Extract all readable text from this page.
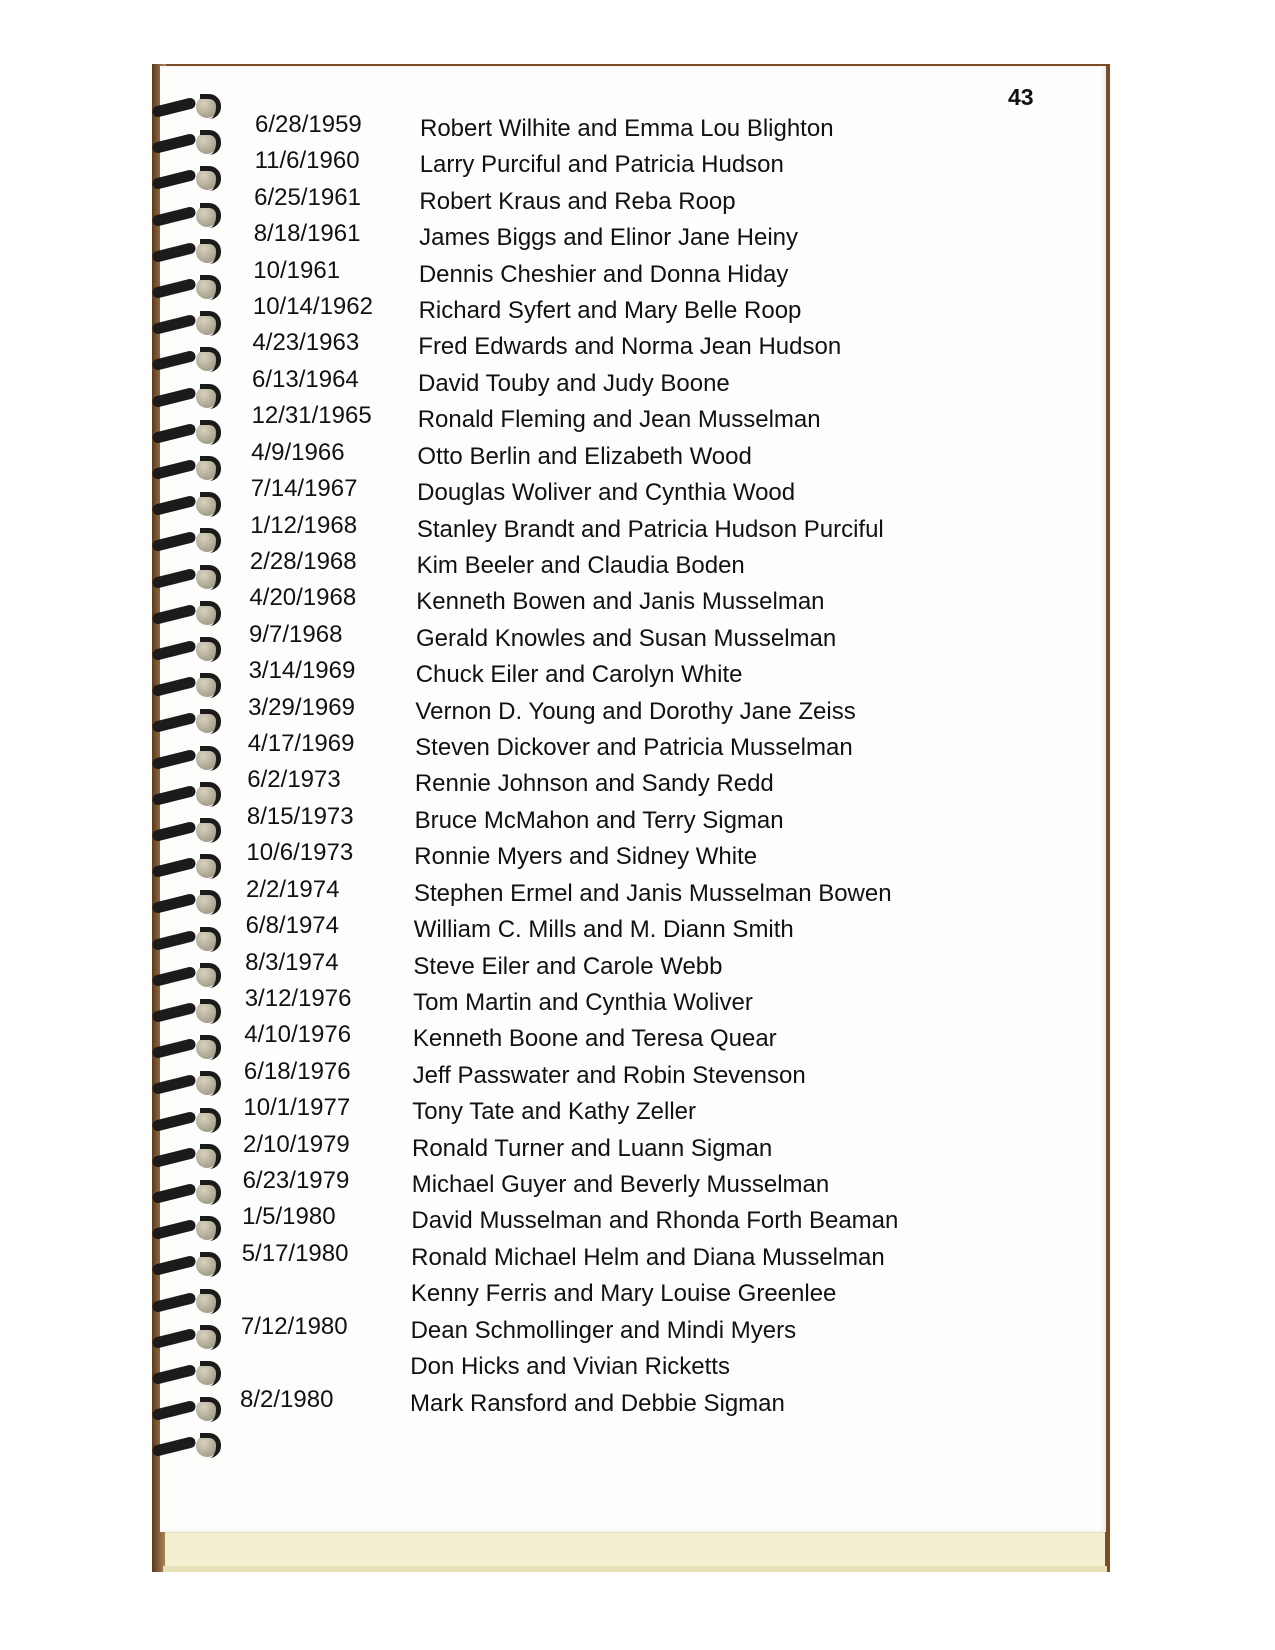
43
6/28/1959 Robert Wilhite and Emma Lou Blighton
11/6/1960	Larry Purciful and Patricia Hudson
6/25/1961 Robert Kraus and Reba Roop
8/18/1961 James Biggs and Elinor Jane Heiny
10/1961	Dennis Cheshier and Donna Hiday
10/14/1962 Richard Syfert and Mary Belle Roop
4/23/1963 Fred Edwards and Norma Jean Hudson
6/13/1964 David Touby and Judy Boone
12/31/1965 Ronald Fleming and Jean Musselman
4/9/1966	Otto Berlin and Elizabeth Wood
7/14/1967 Douglas Woliver and Cynthia Wood
1/12/1968 Stanley Brandt and Patricia Hudson Purciful
2/28/1968 Kim Beeler and Claudia Boden
4/20/1968	Kenneth Bowen and Janis Musselman
9/7/1968	Gerald Knowles and Susan Musselman
3/14/1969	Chuck Eiler and Carolyn White
3/29/1969	Vernon D. Young and Dorothy Jane Zeiss
4/17/1969	Steven Dickover and Patricia Musselman
6/2/1973	Rennie Johnson and Sandy Redd
8/15/1973	Bruce McMahon and Terry Sigman
10/6/1973	Ronnie Myers and Sidney White
2/2/1974	Stephen Ermel and Janis Musselman Bowen
6/8/1974	William C. Mills and M. Diann Smith
8/3/1974	Steve Eiler and Carole Webb
3/12/1976	Tom Martin and Cynthia Woliver
4/10/1976	Kenneth Boone and Teresa Quear
6/18/1976	Jeff Passwater and Robin Stevenson
10/1/1977	Tony Tate and Kathy Zeller
2/10/1979	Ronald Turner and Luann Sigman
6/23/1979	Michael Guyer and Beverly Musselman
1/5/1980	David Musselman and Rhonda Forth Beaman
5/17/1980	Ronald Michael Helm and Diana Musselman
Kenny Ferris and Mary Louise Greenlee
7/12/1980	Dean Schmollinger and Mindi Myers
Don Hicks and Vivian Ricketts
8/2/1980	Mark Ransford and Debbie Sigman
